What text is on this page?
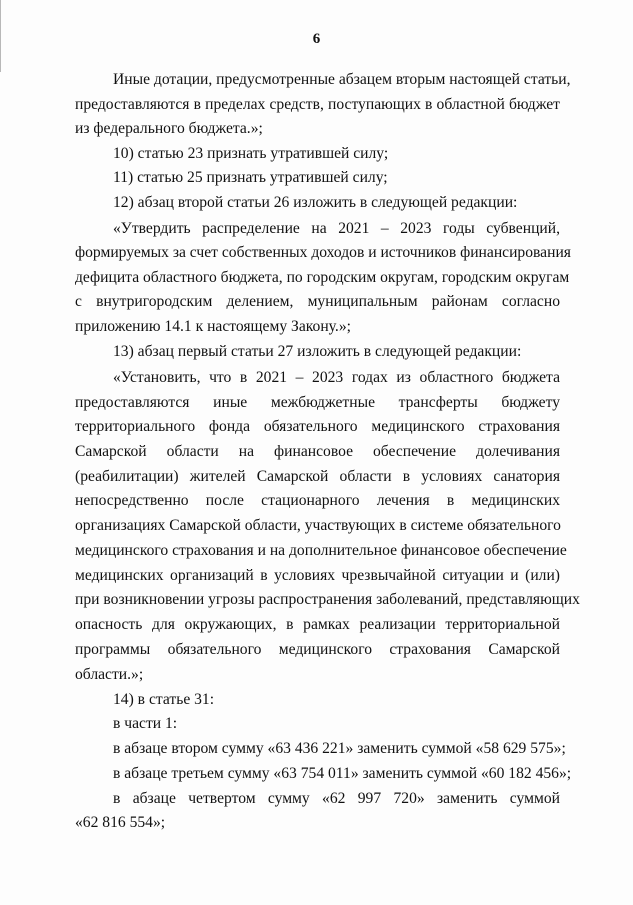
6
Иные дотации, предусмотренные абзацем вторым настоящей статьи,
предоставляются в пределах средств, поступающих в областной бюджет
из федерального бюджета.»;
10) статью 23 признать утратившей силу;
11) статью 25 признать утратившей силу;
12) абзац второй статьи 26 изложить в следующей редакции:
«Утвердить распределение на 2021 – 2023 годы субвенций,
формируемых за счет собственных доходов и источников финансирования
дефицита областного бюджета, по городским округам, городским округам
с внутригородским делением, муниципальным районам согласно
приложению 14.1 к настоящему Закону.»;
13) абзац первый статьи 27 изложить в следующей редакции:
«Установить, что в 2021 – 2023 годах из областного бюджета
предоставляются иные межбюджетные трансферты бюджету
территориального фонда обязательного медицинского страхования
Самарской области на финансовое обеспечение долечивания
(реабилитации) жителей Самарской области в условиях санатория
непосредственно после стационарного лечения в медицинских
организациях Самарской области, участвующих в системе обязательного
медицинского страхования и на дополнительное финансовое обеспечение
медицинских организаций в условиях чрезвычайной ситуации и (или)
при возникновении угрозы распространения заболеваний, представляющих
опасность для окружающих, в рамках реализации территориальной
программы обязательного медицинского страхования Самарской
области.»;
14) в статье 31:
в части 1:
в абзаце втором сумму «63 436 221» заменить суммой «58 629 575»;
в абзаце третьем сумму «63 754 011» заменить суммой «60 182 456»;
в абзаце четвертом сумму «62 997 720» заменить суммой
«62 816 554»;
